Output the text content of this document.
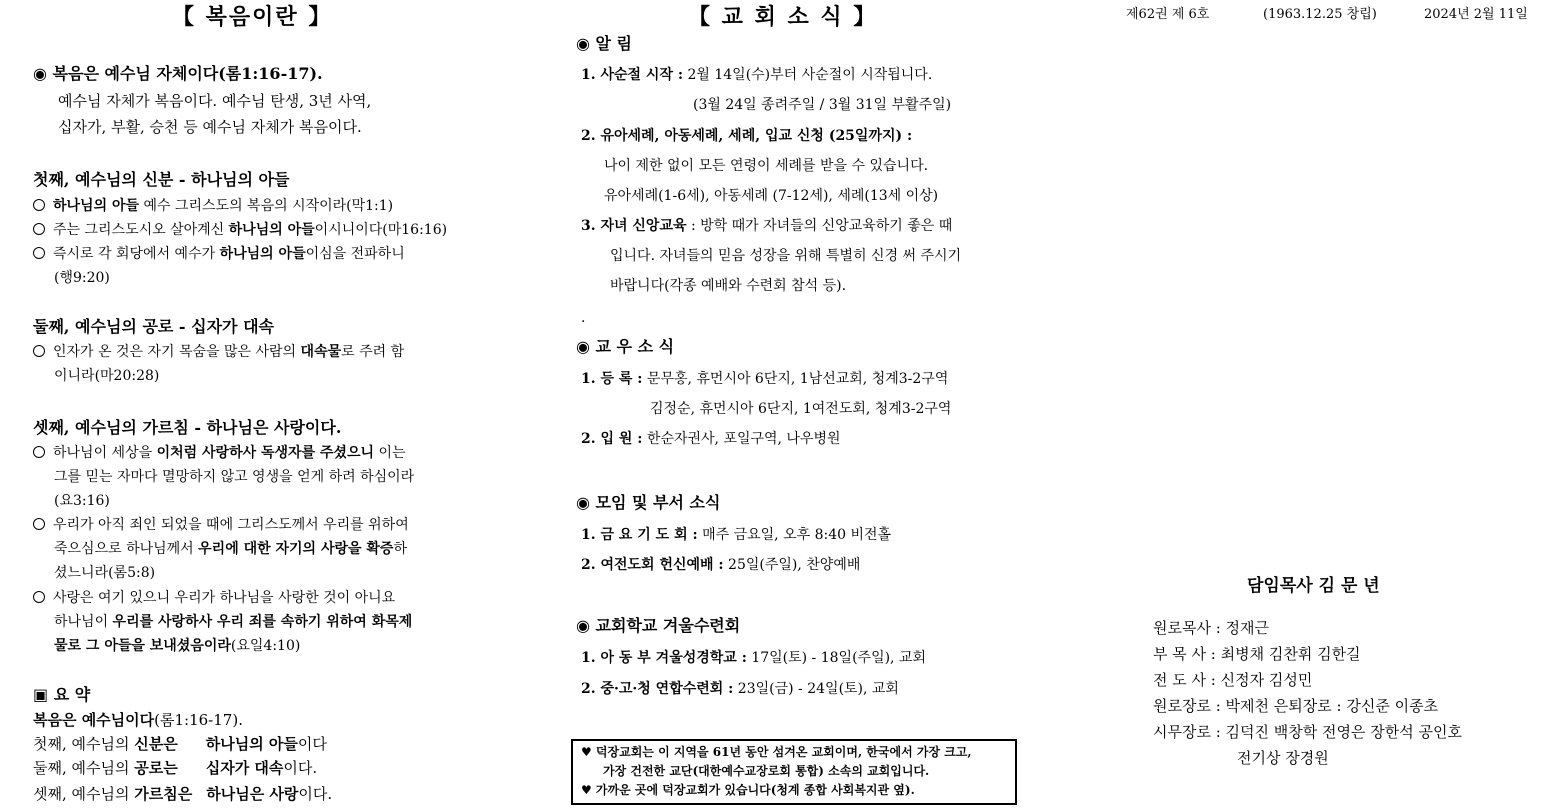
【 복음이란 】
◉ 복음은 예수님 자체이다(롬1:16-17).
예수님 자체가 복음이다. 예수님 탄생, 3년 사역,
십자가, 부활, 승천 등 예수님 자체가 복음이다.
첫째, 예수님의 신분 - 하나님의 아들
하나님의 아들 예수 그리스도의 복음의 시작이라(막1:1)
주는 그리스도시오 살아계신 하나님의 아들이시니이다(마16:16)
즉시로 각 회당에서 예수가 하나님의 아들이심을 전파하니
(행9:20)
둘째, 예수님의 공로 - 십자가 대속
인자가 온 것은 자기 목숨을 많은 사람의 대속물로 주려 함
이니라(마20:28)
셋째, 예수님의 가르침 - 하나님은 사랑이다.
하나님이 세상을 이처럼 사랑하사 독생자를 주셨으니 이는
그를 믿는 자마다 멸망하지 않고 영생을 얻게 하려 하심이라
(요3:16)
우리가 아직 죄인 되었을 때에 그리스도께서 우리를 위하여
죽으심으로 하나님께서 우리에 대한 자기의 사랑을 확증하
셨느니라(롬5:8)
사랑은 여기 있으니 우리가 하나님을 사랑한 것이 아니요
하나님이 우리를 사랑하사 우리 죄를 속하기 위하여 화목제
물로 그 아들을 보내셨음이라(요일4:10)
▣ 요 약
복음은 예수님이다(롬1:16-17).
첫째, 예수님의 신분은 하나님의 아들이다
둘째, 예수님의 공로는 십자가 대속이다.
셋째, 예수님의 가르침은 하나님은 사랑이다.
【 교 회 소 식 】
◉ 알 림
1. 사순절 시작 : 2월 14일(수)부터 사순절이 시작됩니다.
(3월 24일 종려주일 / 3월 31일 부활주일)
2. 유아세례, 아동세례, 세례, 입교 신청 (25일까지) :
나이 제한 없이 모든 연령이 세례를 받을 수 있습니다.
유아세례(1-6세), 아동세례 (7-12세), 세례(13세 이상)
3. 자녀 신앙교육 : 방학 때가 자녀들의 신앙교육하기 좋은 때
입니다. 자녀들의 믿음 성장을 위해 특별히 신경 써 주시기
바랍니다(각종 예배와 수련회 참석 등).
.
◉ 교 우 소 식
1. 등 록 : 문무홍, 휴먼시아 6단지, 1남선교회, 청계3-2구역
김정순, 휴먼시아 6단지, 1여전도회, 청계3-2구역
2. 입 원 : 한순자권사, 포일구역, 나우병원
◉ 모임 및 부서 소식
1. 금 요 기 도 회 : 매주 금요일, 오후 8:40 비전홀
2. 여전도회 헌신예배 : 25일(주일), 찬양예배
◉ 교회학교 겨울수련회
1. 아 동 부 겨울성경학교 : 17일(토) - 18일(주일), 교회
2. 중·고·청 연합수련회 : 23일(금) - 24일(토), 교회
♥ 덕장교회는 이 지역을 61년 동안 섬겨온 교회이며, 한국에서 가장 크고,
가장 건전한 교단(대한예수교장로회 통합) 소속의 교회입니다.
♥ 가까운 곳에 덕장교회가 있습니다(청계 종합 사회복지관 옆).
제62권 제 6호	(1963.12.25 창립)	2024년 2월 11일
담임목사 김 문 년
원로목사 : 정재근
부 목 사 : 최병채 김찬휘 김한길
전 도 사 : 신정자 김성민
원로장로 : 박제천 은퇴장로 : 강신준 이종초
시무장로 : 김덕진 백창학 전영은 장한석 공인호
전기상 장경원
